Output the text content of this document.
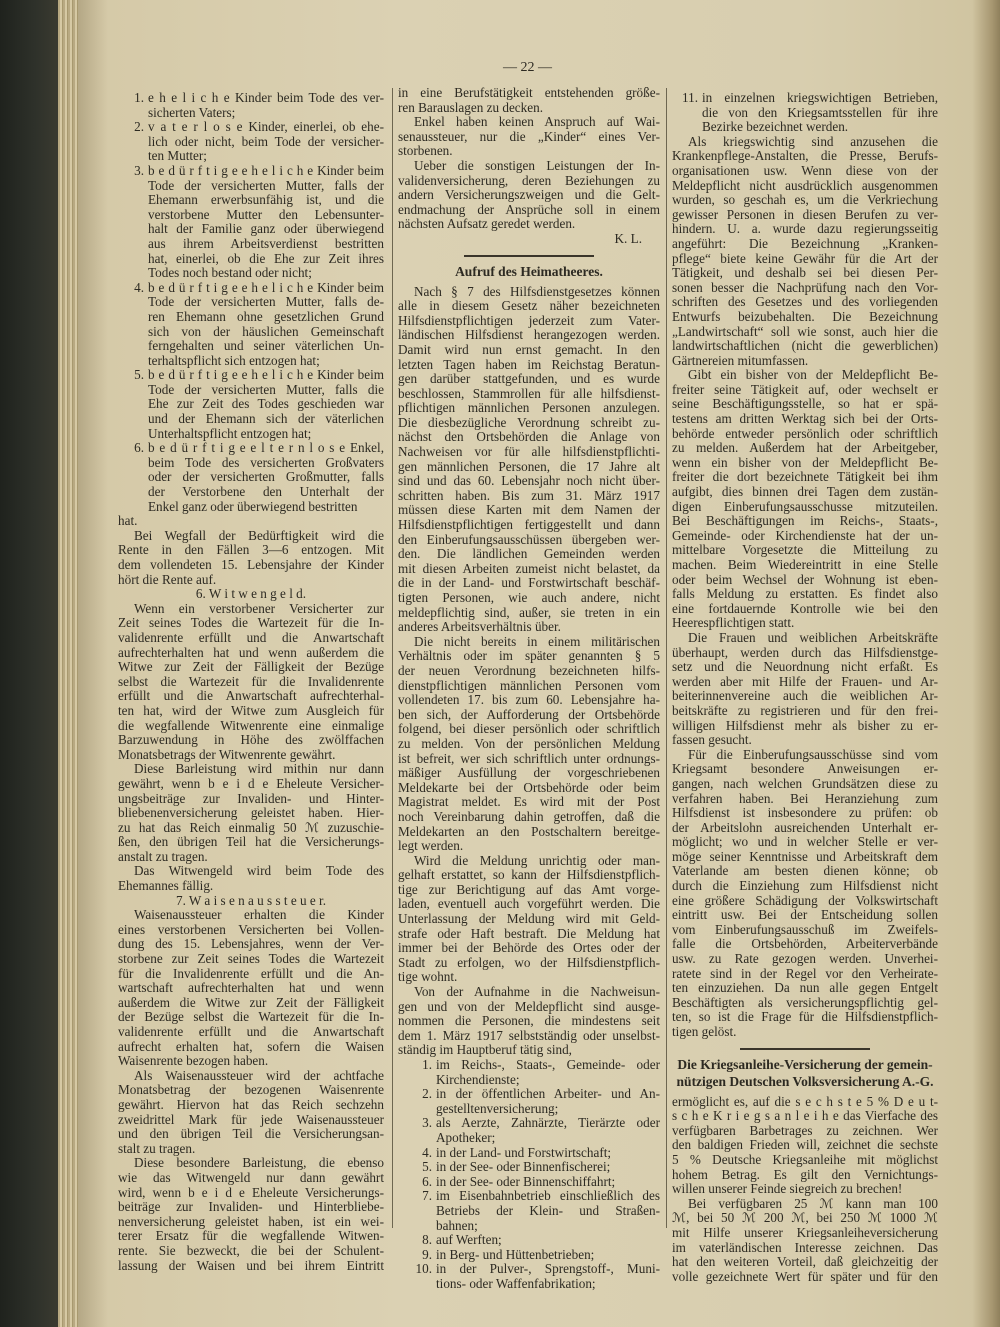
— 22 —
1. e h e l i c h e Kinder beim Tode des ver-
sicherten Vaters;
2. v a t e r l o s e Kinder, einerlei, ob ehe-
lich oder nicht, beim Tode der versicher-
ten Mutter;
3. b e d ü r f t i g e e h e l i c h e Kinder beim
Tode der versicherten Mutter, falls der
Ehemann erwerbsunfähig ist, und die
verstorbene Mutter den Lebensunter-
halt der Familie ganz oder überwiegend
aus ihrem Arbeitsverdienst bestritten
hat, einerlei, ob die Ehe zur Zeit ihres
Todes noch bestand oder nicht;
4. b e d ü r f t i g e e h e l i c h e Kinder beim
Tode der versicherten Mutter, falls de-
ren Ehemann ohne gesetzlichen Grund
sich von der häuslichen Gemeinschaft
ferngehalten und seiner väterlichen Un-
terhaltspflicht sich entzogen hat;
5. b e d ü r f t i g e e h e l i c h e Kinder beim
Tode der versicherten Mutter, falls die
Ehe zur Zeit des Todes geschieden war
und der Ehemann sich der väterlichen
Unterhaltspflicht entzogen hat;
6. b e d ü r f t i g e e l t e r n l o s e Enkel,
beim Tode des versicherten Großvaters
oder der versicherten Großmutter, falls
der Verstorbene den Unterhalt der
Enkel ganz oder überwiegend bestritten
hat.
Bei Wegfall der Bedürftigkeit wird die
Rente in den Fällen 3—6 entzogen. Mit
dem vollendeten 15. Lebensjahre der Kinder
hört die Rente auf.
6. W i t w e n g e l d.
Wenn ein verstorbener Versicherter zur
Zeit seines Todes die Wartezeit für die In-
validenrente erfüllt und die Anwartschaft
aufrechterhalten hat und wenn außerdem die
Witwe zur Zeit der Fälligkeit der Bezüge
selbst die Wartezeit für die Invalidenrente
erfüllt und die Anwartschaft aufrechterhal-
ten hat, wird der Witwe zum Ausgleich für
die wegfallende Witwenrente eine einmalige
Barzuwendung in Höhe des zwölffachen
Monatsbetrags der Witwenrente gewährt.
Diese Barleistung wird mithin nur dann
gewährt, wenn b e i d e Eheleute Versicher-
ungsbeiträge zur Invaliden- und Hinter-
bliebenenversicherung geleistet haben. Hier-
zu hat das Reich einmalig 50 ℳ zuzuschie-
ßen, den übrigen Teil hat die Versicherungs-
anstalt zu tragen.
Das Witwengeld wird beim Tode des
Ehemannes fällig.
7. W a i s e n a u s s t e u e r.
Waisenaussteuer erhalten die Kinder
eines verstorbenen Versicherten bei Vollen-
dung des 15. Lebensjahres, wenn der Ver-
storbene zur Zeit seines Todes die Wartezeit
für die Invalidenrente erfüllt und die An-
wartschaft aufrechterhalten hat und wenn
außerdem die Witwe zur Zeit der Fälligkeit
der Bezüge selbst die Wartezeit für die In-
validenrente erfüllt und die Anwartschaft
aufrecht erhalten hat, sofern die Waisen
Waisenrente bezogen haben.
Als Waisenaussteuer wird der achtfache
Monatsbetrag der bezogenen Waisenrente
gewährt. Hiervon hat das Reich sechzehn
zweidrittel Mark für jede Waisenaussteuer
und den übrigen Teil die Versicherungsan-
stalt zu tragen.
Diese besondere Barleistung, die ebenso
wie das Witwengeld nur dann gewährt
wird, wenn b e i d e Eheleute Versicherungs-
beiträge zur Invaliden- und Hinterbliebe-
nenversicherung geleistet haben, ist ein wei-
terer Ersatz für die wegfallende Witwen-
rente. Sie bezweckt, die bei der Schulent-
lassung der Waisen und bei ihrem Eintritt
in eine Berufstätigkeit entstehenden größe-
ren Barauslagen zu decken.
Enkel haben keinen Anspruch auf Wai-
senaussteuer, nur die „Kinder“ eines Ver-
storbenen.
Ueber die sonstigen Leistungen der In-
validenversicherung, deren Beziehungen zu
andern Versicherungszweigen und die Gelt-
endmachung der Ansprüche soll in einem
nächsten Aufsatz geredet werden.
K. L.
Aufruf des Heimatheeres.
Nach § 7 des Hilfsdienstgesetzes können
alle in diesem Gesetz näher bezeichneten
Hilfsdienstpflichtigen jederzeit zum Vater-
ländischen Hilfsdienst herangezogen werden.
Damit wird nun ernst gemacht. In den
letzten Tagen haben im Reichstag Beratun-
gen darüber stattgefunden, und es wurde
beschlossen, Stammrollen für alle hilfsdienst-
pflichtigen männlichen Personen anzulegen.
Die diesbezügliche Verordnung schreibt zu-
nächst den Ortsbehörden die Anlage von
Nachweisen vor für alle hilfsdienstpflichti-
gen männlichen Personen, die 17 Jahre alt
sind und das 60. Lebensjahr noch nicht über-
schritten haben. Bis zum 31. März 1917
müssen diese Karten mit dem Namen der
Hilfsdienstpflichtigen fertiggestellt und dann
den Einberufungsausschüssen übergeben wer-
den. Die ländlichen Gemeinden werden
mit diesen Arbeiten zumeist nicht belastet, da
die in der Land- und Forstwirtschaft beschäf-
tigten Personen, wie auch andere, nicht
meldepflichtig sind, außer, sie treten in ein
anderes Arbeitsverhältnis über.
Die nicht bereits in einem militärischen
Verhältnis oder im später genannten § 5
der neuen Verordnung bezeichneten hilfs-
dienstpflichtigen männlichen Personen vom
vollendeten 17. bis zum 60. Lebensjahre ha-
ben sich, der Aufforderung der Ortsbehörde
folgend, bei dieser persönlich oder schriftlich
zu melden. Von der persönlichen Meldung
ist befreit, wer sich schriftlich unter ordnungs-
mäßiger Ausfüllung der vorgeschriebenen
Meldekarte bei der Ortsbehörde oder beim
Magistrat meldet. Es wird mit der Post
noch Vereinbarung dahin getroffen, daß die
Meldekarten an den Postschaltern bereitge-
legt werden.
Wird die Meldung unrichtig oder man-
gelhaft erstattet, so kann der Hilfsdienstpflich-
tige zur Berichtigung auf das Amt vorge-
laden, eventuell auch vorgeführt werden. Die
Unterlassung der Meldung wird mit Geld-
strafe oder Haft bestraft. Die Meldung hat
immer bei der Behörde des Ortes oder der
Stadt zu erfolgen, wo der Hilfsdienstpflich-
tige wohnt.
Von der Aufnahme in die Nachweisun-
gen und von der Meldepflicht sind ausge-
nommen die Personen, die mindestens seit
dem 1. März 1917 selbstständig oder unselbst-
ständig im Hauptberuf tätig sind,
1. im Reichs-, Staats-, Gemeinde- oder
Kirchendienste;
2. in der öffentlichen Arbeiter- und An-
gestelltenversicherung;
3. als Aerzte, Zahnärzte, Tierärzte oder
Apotheker;
4. in der Land- und Forstwirtschaft;
5. in der See- oder Binnenfischerei;
6. in der See- oder Binnenschiffahrt;
7. im Eisenbahnbetrieb einschließlich des
Betriebs der Klein- und Straßen-
bahnen;
8. auf Werften;
9. in Berg- und Hüttenbetrieben;
10. in der Pulver-, Sprengstoff-, Muni-
tions- oder Waffenfabrikation;
11. in einzelnen kriegswichtigen Betrieben,
die von den Kriegsamtsstellen für ihre
Bezirke bezeichnet werden.
Als kriegswichtig sind anzusehen die
Krankenpflege-Anstalten, die Presse, Berufs-
organisationen usw. Wenn diese von der
Meldepflicht nicht ausdrücklich ausgenommen
wurden, so geschah es, um die Verkriechung
gewisser Personen in diesen Berufen zu ver-
hindern. U. a. wurde dazu regierungsseitig
angeführt: Die Bezeichnung „Kranken-
pflege“ biete keine Gewähr für die Art der
Tätigkeit, und deshalb sei bei diesen Per-
sonen besser die Nachprüfung nach den Vor-
schriften des Gesetzes und des vorliegenden
Entwurfs beizubehalten. Die Bezeichnung
„Landwirtschaft“ soll wie sonst, auch hier die
landwirtschaftlichen (nicht die gewerblichen)
Gärtnereien mitumfassen.
Gibt ein bisher von der Meldepflicht Be-
freiter seine Tätigkeit auf, oder wechselt er
seine Beschäftigungsstelle, so hat er spä-
testens am dritten Werktag sich bei der Orts-
behörde entweder persönlich oder schriftlich
zu melden. Außerdem hat der Arbeitgeber,
wenn ein bisher von der Meldepflicht Be-
freiter die dort bezeichnete Tätigkeit bei ihm
aufgibt, dies binnen drei Tagen dem zustän-
digen Einberufungsausschusse mitzuteilen.
Bei Beschäftigungen im Reichs-, Staats-,
Gemeinde- oder Kirchendienste hat der un-
mittelbare Vorgesetzte die Mitteilung zu
machen. Beim Wiedereintritt in eine Stelle
oder beim Wechsel der Wohnung ist eben-
falls Meldung zu erstatten. Es findet also
eine fortdauernde Kontrolle wie bei den
Heerespflichtigen statt.
Die Frauen und weiblichen Arbeitskräfte
überhaupt, werden durch das Hilfsdienstge-
setz und die Neuordnung nicht erfaßt. Es
werden aber mit Hilfe der Frauen- und Ar-
beiterinnenvereine auch die weiblichen Ar-
beitskräfte zu registrieren und für den frei-
willigen Hilfsdienst mehr als bisher zu er-
fassen gesucht.
Für die Einberufungsausschüsse sind vom
Kriegsamt besondere Anweisungen er-
gangen, nach welchen Grundsätzen diese zu
verfahren haben. Bei Heranziehung zum
Hilfsdienst ist insbesondere zu prüfen: ob
der Arbeitslohn ausreichenden Unterhalt er-
möglicht; wo und in welcher Stelle er ver-
möge seiner Kenntnisse und Arbeitskraft dem
Vaterlande am besten dienen könne; ob
durch die Einziehung zum Hilfsdienst nicht
eine größere Schädigung der Volkswirtschaft
eintritt usw. Bei der Entscheidung sollen
vom Einberufungsausschuß im Zweifels-
falle die Ortsbehörden, Arbeiterverbände
usw. zu Rate gezogen werden. Unverhei-
ratete sind in der Regel vor den Verheirate-
ten einzuziehen. Da nun alle gegen Entgelt
Beschäftigten als versicherungspflichtig gel-
ten, so ist die Frage für die Hilfsdienstpflich-
tigen gelöst.
Die Kriegsanleihe-Versicherung der gemein-
nützigen Deutschen Volksversicherung A.-G.
ermöglicht es, auf die s e c h s t e 5 % D e u t-
s c h e K r i e g s a n l e i h e das Vierfache des
verfügbaren Barbetrages zu zeichnen. Wer
den baldigen Frieden will, zeichnet die sechste
5 % Deutsche Kriegsanleihe mit möglichst
hohem Betrag. Es gilt den Vernichtungs-
willen unserer Feinde siegreich zu brechen!
Bei verfügbaren 25 ℳ kann man 100
ℳ, bei 50 ℳ 200 ℳ, bei 250 ℳ 1000 ℳ
mit Hilfe unserer Kriegsanleiheversicherung
im vaterländischen Interesse zeichnen. Das
hat den weiteren Vorteil, daß gleichzeitig der
volle gezeichnete Wert für später und für den
